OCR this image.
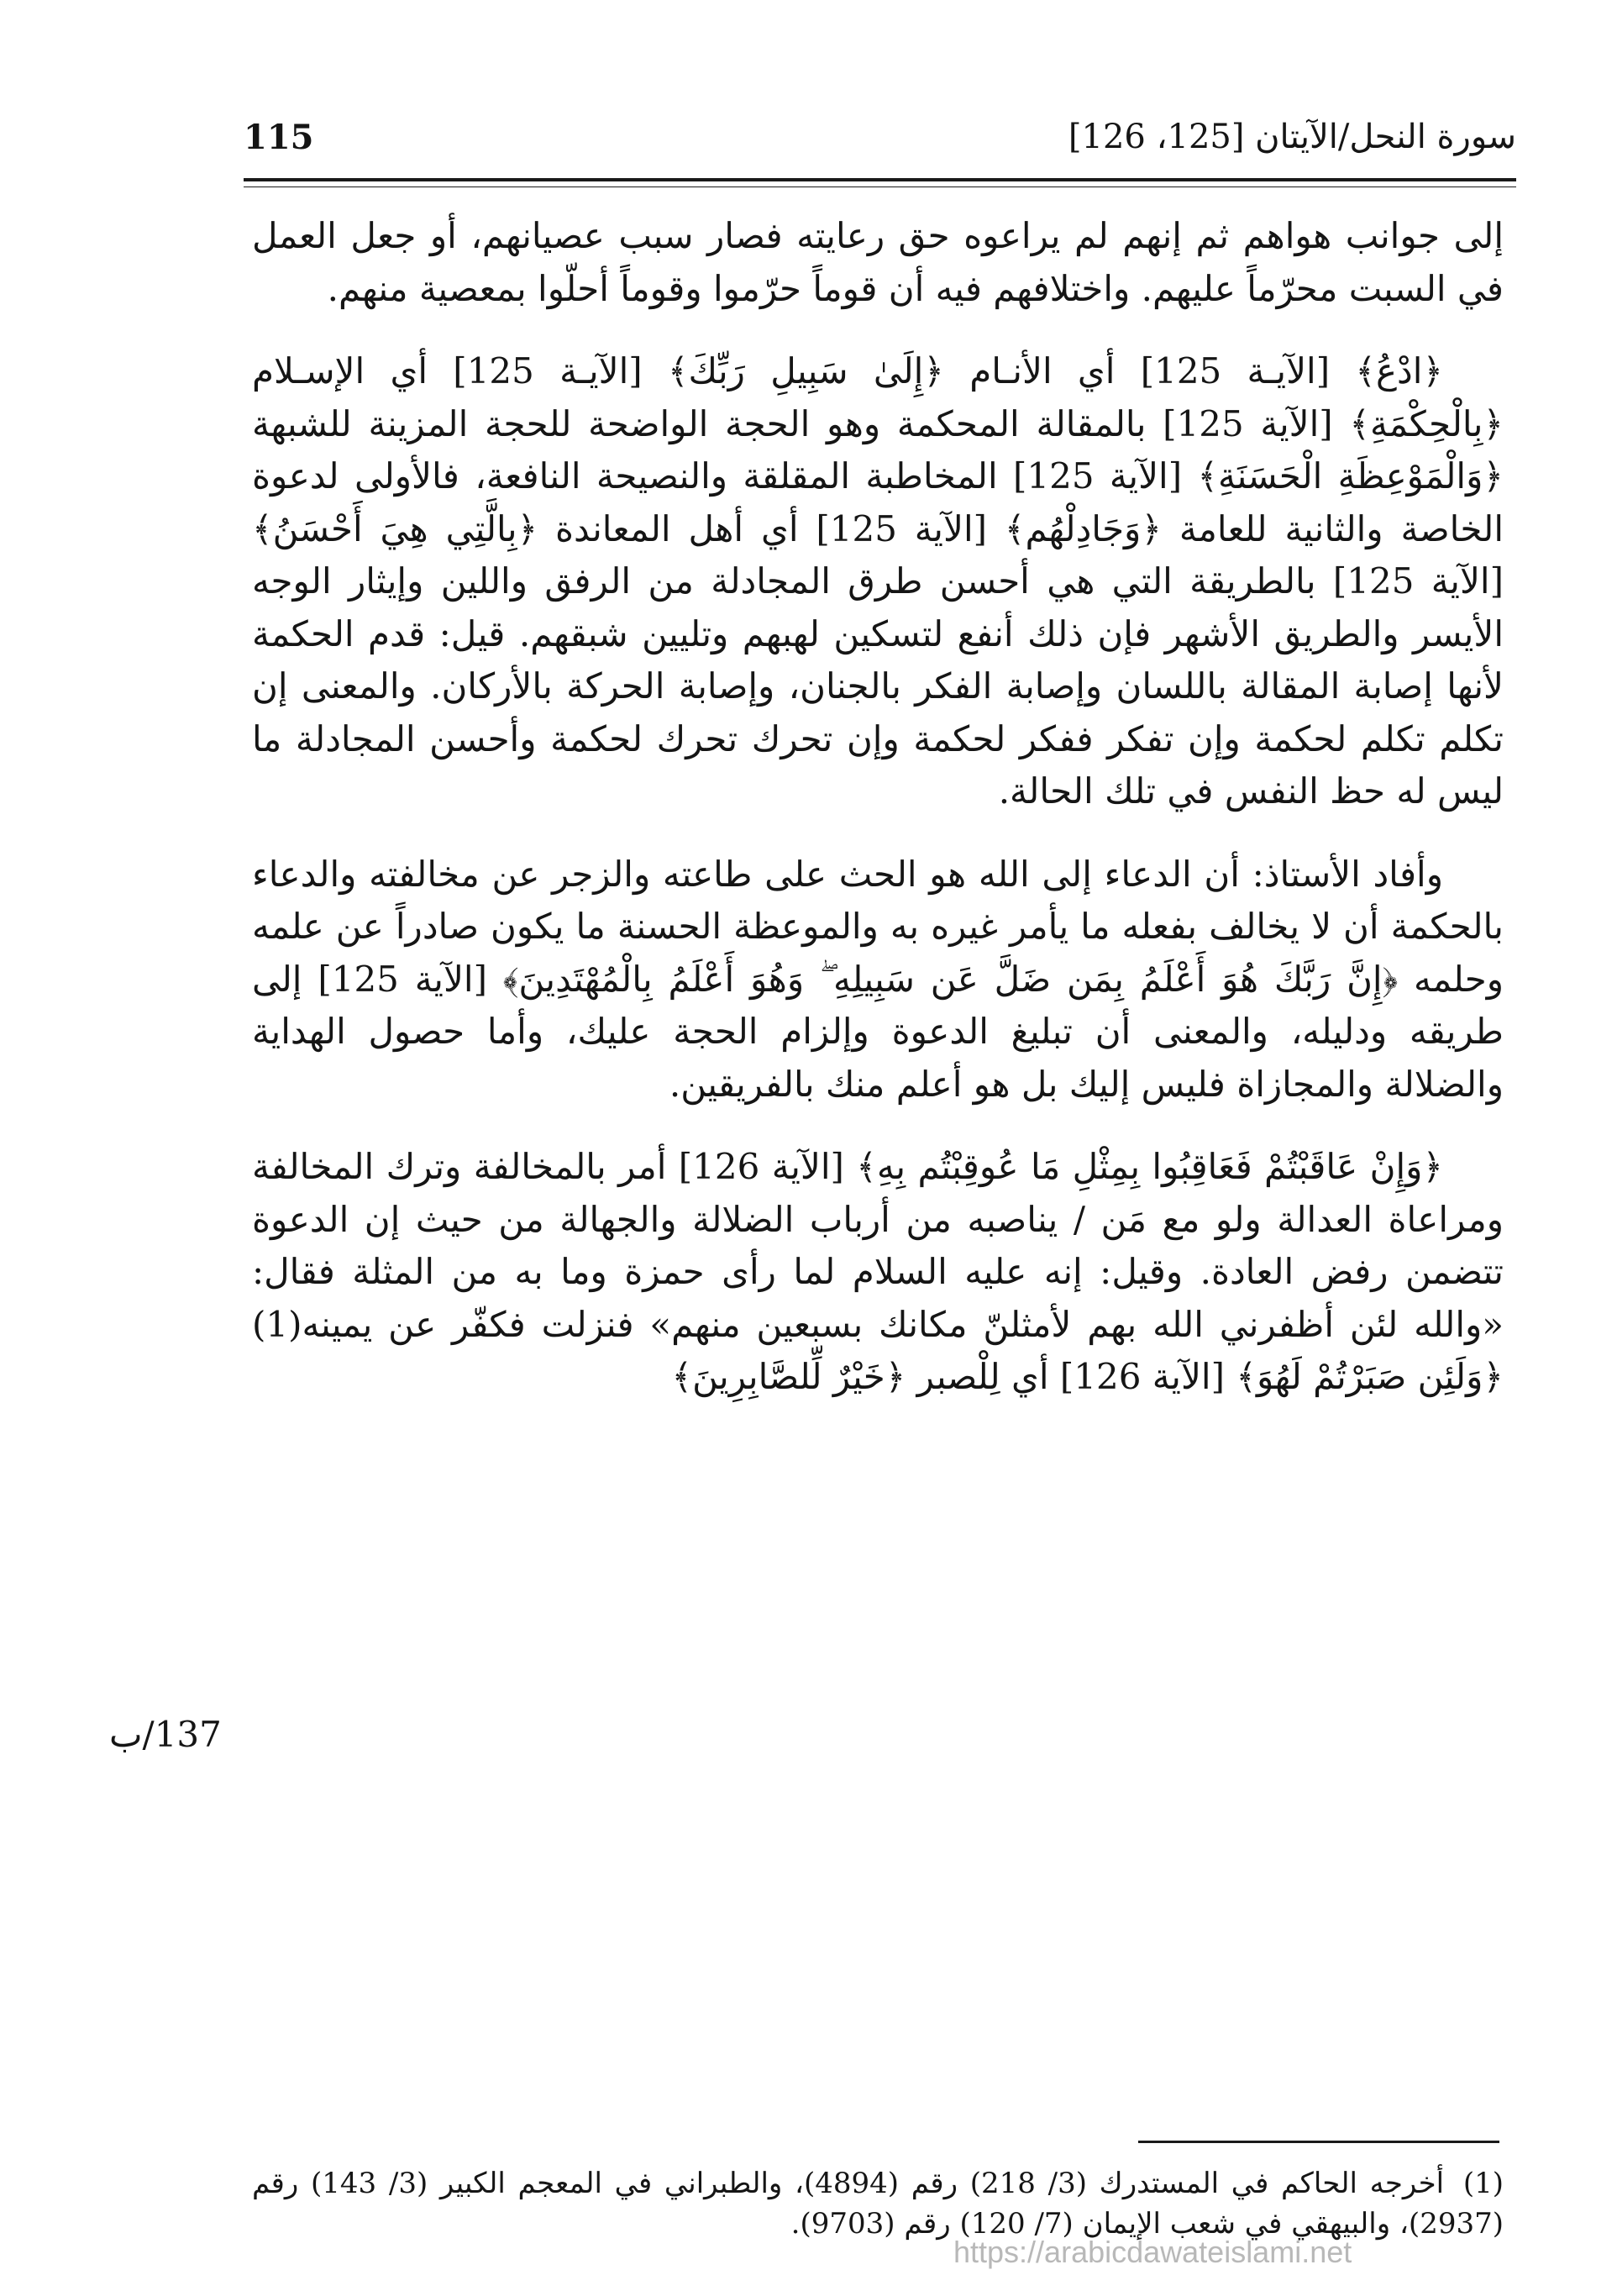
سورة النحل/الآيتان [125، 126]
115

إلى جوانب هواهم ثم إنهم لم يراعوه حق رعايته فصار سبب عصيانهم، أو جعل العمل في السبت محرّماً عليهم. واختلافهم فيه أن قوماً حرّموا وقوماً أحلّوا بمعصية منهم.

﴿ادْعُ﴾ [الآيـة 125] أي الأنـام ﴿إِلَىٰ سَبِيلِ رَبِّكَ﴾ [الآيـة 125] أي الإسـلام ﴿بِالْحِكْمَةِ﴾ [الآية 125] بالمقالة المحكمة وهو الحجة الواضحة للحجة المزينة للشبهة ﴿وَالْمَوْعِظَةِ الْحَسَنَةِ﴾ [الآية 125] المخاطبة المقلقة والنصيحة النافعة، فالأولى لدعوة الخاصة والثانية للعامة ﴿وَجَادِلْهُم﴾ [الآية 125] أي أهل المعاندة ﴿بِالَّتِي هِيَ أَحْسَنُ﴾ [الآية 125] بالطريقة التي هي أحسن طرق المجادلة من الرفق واللين وإيثار الوجه الأيسر والطريق الأشهر فإن ذلك أنفع لتسكين لهبهم وتليين شبقهم. قيل: قدم الحكمة لأنها إصابة المقالة باللسان وإصابة الفكر بالجنان، وإصابة الحركة بالأركان. والمعنى إن تكلم تكلم لحكمة وإن تفكر ففكر لحكمة وإن تحرك تحرك لحكمة وأحسن المجادلة ما ليس له حظ النفس في تلك الحالة.

وأفاد الأستاذ: أن الدعاء إلى الله هو الحث على طاعته والزجر عن مخالفته والدعاء بالحكمة أن لا يخالف بفعله ما يأمر غيره به والموعظة الحسنة ما يكون صادراً عن علمه وحلمه ﴿إِنَّ رَبَّكَ هُوَ أَعْلَمُ بِمَن ضَلَّ عَن سَبِيلِهِ ۖ وَهُوَ أَعْلَمُ بِالْمُهْتَدِينَ﴾ [الآية 125] إلى طريقه ودليله، والمعنى أن تبليغ الدعوة وإلزام الحجة عليك، وأما حصول الهداية والضلالة والمجازاة فليس إليك بل هو أعلم منك بالفريقين.

﴿وَإِنْ عَاقَبْتُمْ فَعَاقِبُوا بِمِثْلِ مَا عُوقِبْتُم بِهِ﴾ [الآية 126] أمر بالمخالفة وترك المخالفة ومراعاة العدالة ولو مع مَن / يناصبه من أرباب الضلالة والجهالة من حيث إن الدعوة تتضمن رفض العادة. وقيل: إنه عليه السلام لما رأى حمزة وما به من المثلة فقال: «والله لئن أظفرني الله بهم لأمثلنّ مكانك بسبعين منهم» فنزلت فكفّر عن يمينه(1) ﴿وَلَئِن صَبَرْتُمْ لَهُوَ﴾ [الآية 126] أي لِلْصبر ﴿خَيْرٌ لِّلصَّابِرِينَ﴾

137/ب
(1) أخرجه الحاكم في المستدرك (3/ 218) رقم (4894)، والطبراني في المعجم الكبير (3/ 143) رقم (2937)، والبيهقي في شعب الإيمان (7/ 120) رقم (9703).
https://arabicdawateislami.net
